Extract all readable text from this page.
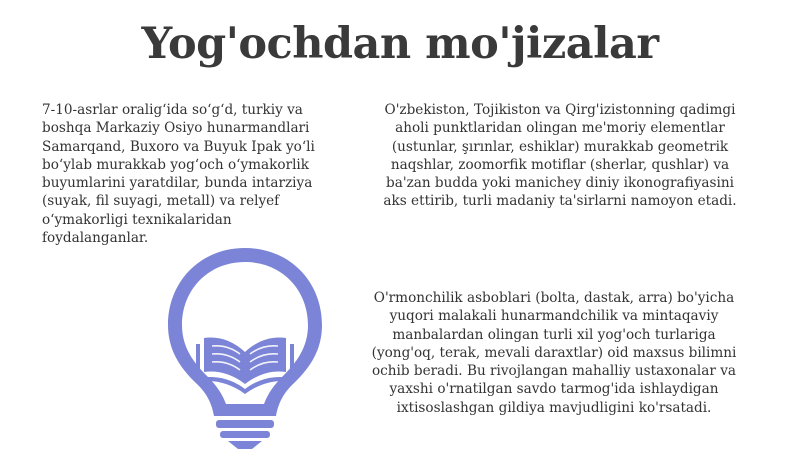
Yog'ochdan mo'jizalar

7-10-asrlar oralig‘ida so‘g‘d, turkiy va boshqa Markaziy Osiyo hunarmandlari Samarqand, Buxoro va Buyuk Ipak yo‘li bo‘ylab murakkab yog‘och o‘ymakorlik buyumlarini yaratdilar, bunda intarziya (suyak, fil suyagi, metall) va relyef o‘ymakorligi texnikalaridan foydalanganlar.

O'zbekiston, Tojikiston va Qirg'izistonning qadimgi aholi punktlaridan olingan me'moriy elementlar (ustunlar, şırınlar, eshiklar) murakkab geometrik naqshlar, zoomorfik motiflar (sherlar, qushlar) va ba'zan budda yoki manichey diniy ikonografiyasini aks ettirib, turli madaniy ta'sirlarni namoyon etadi.

O'rmonchilik asboblari (bolta, dastak, arra) bo'yicha yuqori malakali hunarmandchilik va mintaqaviy manbalardan olingan turli xil yog'och turlariga (yong'oq, terak, mevali daraxtlar) oid maxsus bilimni ochib beradi. Bu rivojlangan mahalliy ustaxonalar va yaxshi o'rnatilgan savdo tarmog'ida ishlaydigan ixtisoslashgan gildiya mavjudligini ko'rsatadi.
